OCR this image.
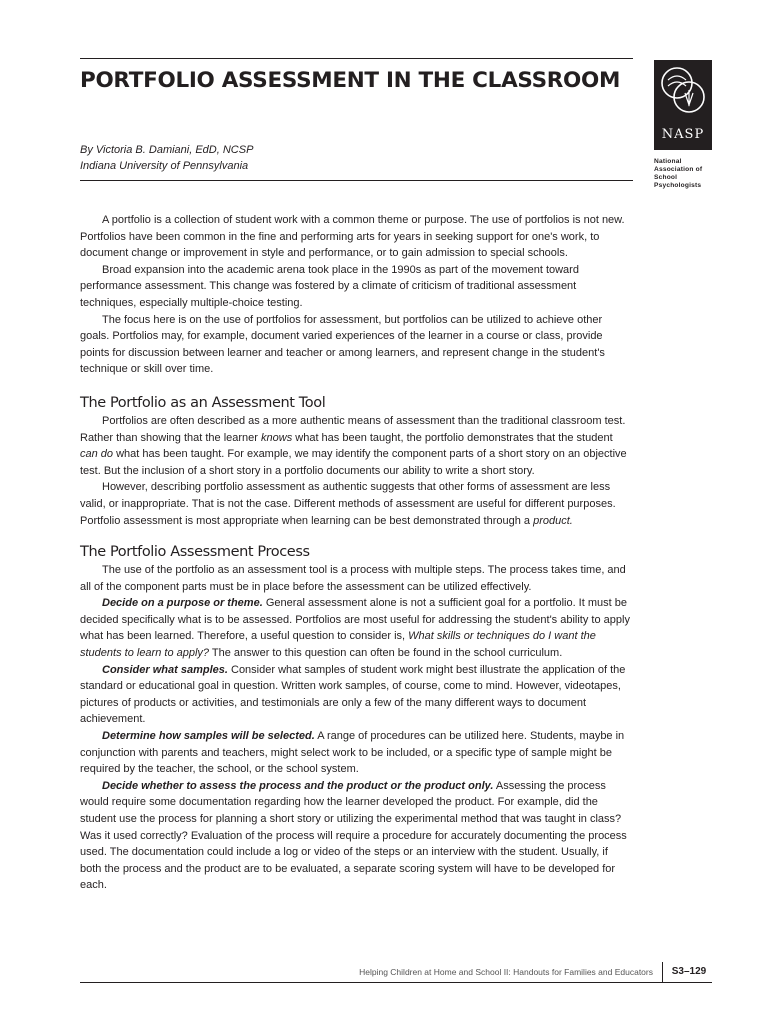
PORTFOLIO ASSESSMENT IN THE CLASSROOM
By Victoria B. Damiani, EdD, NCSP
Indiana University of Pennsylvania
NASP
National
Association of
School
Psychologists

A portfolio is a collection of student work with a common theme or purpose. The use of portfolios is not new. Portfolios have been common in the fine and performing arts for years in seeking support for one's work, to document change or improvement in style and performance, or to gain admission to special schools.

Broad expansion into the academic arena took place in the 1990s as part of the movement toward performance assessment. This change was fostered by a climate of criticism of traditional assessment techniques, especially multiple-choice testing.

The focus here is on the use of portfolios for assessment, but portfolios can be utilized to achieve other goals. Portfolios may, for example, document varied experiences of the learner in a course or class, provide points for discussion between learner and teacher or among learners, and represent change in the student's technique or skill over time.

The Portfolio as an Assessment Tool

Portfolios are often described as a more authentic means of assessment than the traditional classroom test. Rather than showing that the learner knows what has been taught, the portfolio demonstrates that the student can do what has been taught. For example, we may identify the component parts of a short story on an objective test. But the inclusion of a short story in a portfolio documents our ability to write a short story.

However, describing portfolio assessment as authentic suggests that other forms of assessment are less valid, or inappropriate. That is not the case. Different methods of assessment are useful for different purposes. Portfolio assessment is most appropriate when learning can be best demonstrated through a product.

The Portfolio Assessment Process

The use of the portfolio as an assessment tool is a process with multiple steps. The process takes time, and all of the component parts must be in place before the assessment can be utilized effectively.

Decide on a purpose or theme. General assessment alone is not a sufficient goal for a portfolio. It must be decided specifically what is to be assessed. Portfolios are most useful for addressing the student's ability to apply what has been learned. Therefore, a useful question to consider is, What skills or techniques do I want the students to learn to apply? The answer to this question can often be found in the school curriculum.

Consider what samples. Consider what samples of student work might best illustrate the application of the standard or educational goal in question. Written work samples, of course, come to mind. However, videotapes, pictures of products or activities, and testimonials are only a few of the many different ways to document achievement.

Determine how samples will be selected. A range of procedures can be utilized here. Students, maybe in conjunction with parents and teachers, might select work to be included, or a specific type of sample might be required by the teacher, the school, or the school system.

Decide whether to assess the process and the product or the product only. Assessing the process would require some documentation regarding how the learner developed the product. For example, did the student use the process for planning a short story or utilizing the experimental method that was taught in class? Was it used correctly? Evaluation of the process will require a procedure for accurately documenting the process used. The documentation could include a log or video of the steps or an interview with the student. Usually, if both the process and the product are to be evaluated, a separate scoring system will have to be developed for each.

Helping Children at Home and School II: Handouts for Families and Educators	S3–129
